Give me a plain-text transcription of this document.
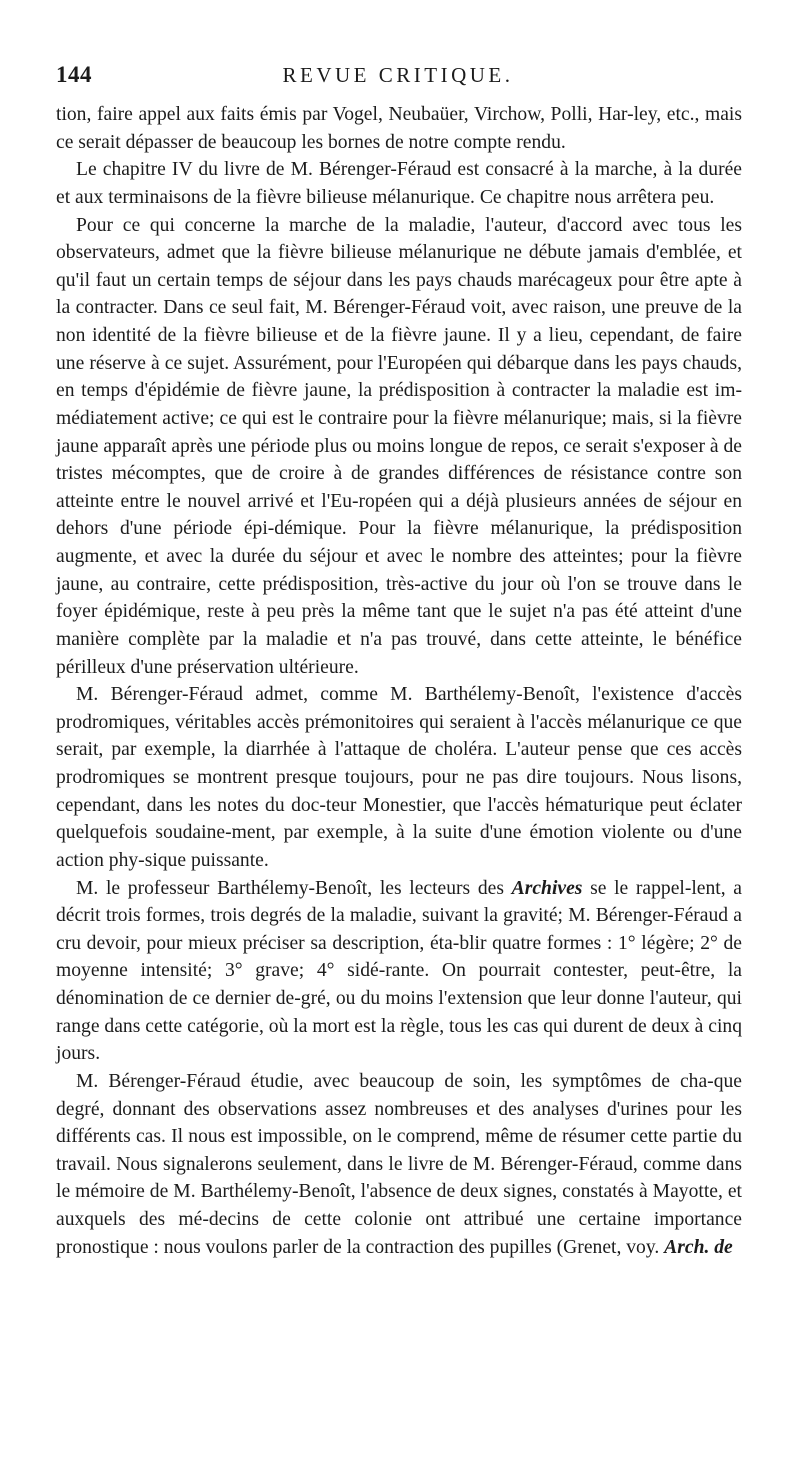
144	REVUE CRITIQUE.

tion, faire appel aux faits émis par Vogel, Neubaüer, Virchow, Polli, Har-ley, etc., mais ce serait dépasser de beaucoup les bornes de notre compte rendu.

Le chapitre IV du livre de M. Bérenger-Féraud est consacré à la marche, à la durée et aux terminaisons de la fièvre bilieuse mélanurique. Ce chapitre nous arrêtera peu.

Pour ce qui concerne la marche de la maladie, l'auteur, d'accord avec tous les observateurs, admet que la fièvre bilieuse mélanurique ne débute jamais d'emblée, et qu'il faut un certain temps de séjour dans les pays chauds marécageux pour être apte à la contracter. Dans ce seul fait, M. Bérenger-Féraud voit, avec raison, une preuve de la non identité de la fièvre bilieuse et de la fièvre jaune. Il y a lieu, cependant, de faire une réserve à ce sujet. Assurément, pour l'Européen qui débarque dans les pays chauds, en temps d'épidémie de fièvre jaune, la prédisposition à contracter la maladie est im-médiatement active; ce qui est le contraire pour la fièvre mélanurique; mais, si la fièvre jaune apparaît après une période plus ou moins longue de repos, ce serait s'exposer à de tristes mécomptes, que de croire à de grandes différences de résistance contre son atteinte entre le nouvel arrivé et l'Eu-ropéen qui a déjà plusieurs années de séjour en dehors d'une période épi-démique. Pour la fièvre mélanurique, la prédisposition augmente, et avec la durée du séjour et avec le nombre des atteintes; pour la fièvre jaune, au contraire, cette prédisposition, très-active du jour où l'on se trouve dans le foyer épidémique, reste à peu près la même tant que le sujet n'a pas été atteint d'une manière complète par la maladie et n'a pas trouvé, dans cette atteinte, le bénéfice périlleux d'une préservation ultérieure.

M. Bérenger-Féraud admet, comme M. Barthélemy-Benoît, l'existence d'accès prodromiques, véritables accès prémonitoires qui seraient à l'accès mélanurique ce que serait, par exemple, la diarrhée à l'attaque de choléra. L'auteur pense que ces accès prodromiques se montrent presque toujours, pour ne pas dire toujours. Nous lisons, cependant, dans les notes du doc-teur Monestier, que l'accès hématurique peut éclater quelquefois soudaine-ment, par exemple, à la suite d'une émotion violente ou d'une action phy-sique puissante.

M. le professeur Barthélemy-Benoît, les lecteurs des Archives se le rappel-lent, a décrit trois formes, trois degrés de la maladie, suivant la gravité; M. Bérenger-Féraud a cru devoir, pour mieux préciser sa description, éta-blir quatre formes : 1° légère; 2° de moyenne intensité; 3° grave; 4° sidé-rante. On pourrait contester, peut-être, la dénomination de ce dernier de-gré, ou du moins l'extension que leur donne l'auteur, qui range dans cette catégorie, où la mort est la règle, tous les cas qui durent de deux à cinq jours.

M. Bérenger-Féraud étudie, avec beaucoup de soin, les symptômes de cha-que degré, donnant des observations assez nombreuses et des analyses d'urines pour les différents cas. Il nous est impossible, on le comprend, même de résumer cette partie du travail. Nous signalerons seulement, dans le livre de M. Bérenger-Féraud, comme dans le mémoire de M. Barthélemy-Benoît, l'absence de deux signes, constatés à Mayotte, et auxquels des mé-decins de cette colonie ont attribué une certaine importance pronostique : nous voulons parler de la contraction des pupilles (Grenet, voy. Arch. de
